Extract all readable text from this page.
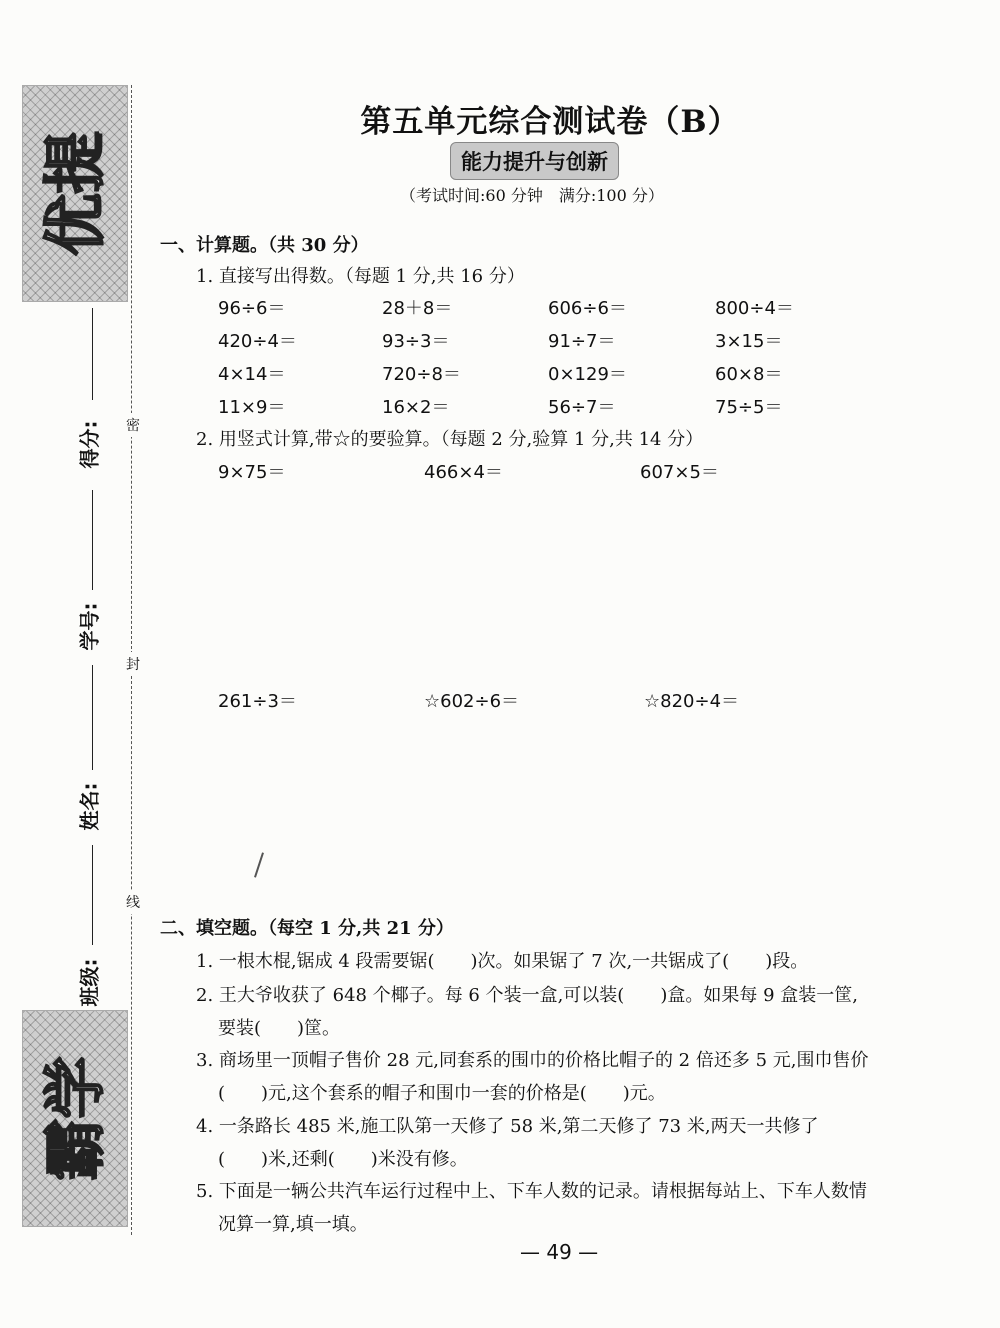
提
优
学
霸
得分:
学号:
姓名:
班级:
密
封
线
第五单元综合测试卷（B）
能力提升与创新
（考试时间:60 分钟　满分:100 分）
一、计算题。（共 30 分）
1. 直接写出得数。（每题 1 分,共 16 分）
96÷6＝	28＋8＝	606÷6＝	800÷4＝
420÷4＝	93÷3＝	91÷7＝	3×15＝
4×14＝	720÷8＝	0×129＝	60×8＝
11×9＝	16×2＝	56÷7＝	75÷5＝
2. 用竖式计算,带☆的要验算。（每题 2 分,验算 1 分,共 14 分）
9×75＝	466×4＝	607×5＝
261÷3＝	☆602÷6＝	☆820÷4＝
二、填空题。（每空 1 分,共 21 分）
1. 一根木棍,锯成 4 段需要锯(　　)次。如果锯了 7 次,一共锯成了(　　)段。
2. 王大爷收获了 648 个椰子。每 6 个装一盒,可以装(　　)盒。如果每 9 盒装一筐,
要装(　　)筐。
3. 商场里一顶帽子售价 28 元,同套系的围巾的价格比帽子的 2 倍还多 5 元,围巾售价
(　　)元,这个套系的帽子和围巾一套的价格是(　　)元。
4. 一条路长 485 米,施工队第一天修了 58 米,第二天修了 73 米,两天一共修了
(　　)米,还剩(　　)米没有修。
5. 下面是一辆公共汽车运行过程中上、下车人数的记录。请根据每站上、下车人数情
况算一算,填一填。
— 49 —
